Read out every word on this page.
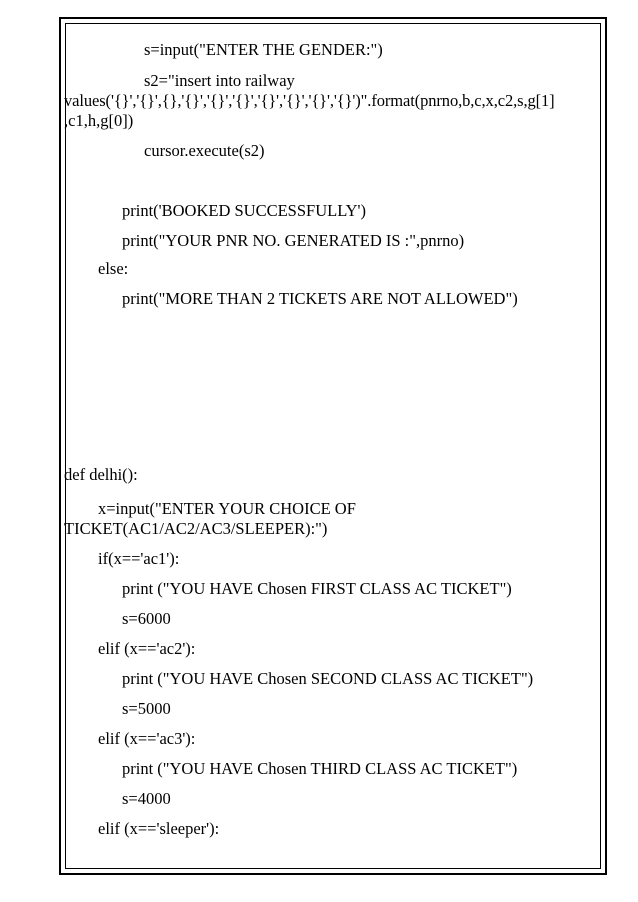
s=input("ENTER THE GENDER:")
s2="insert into railway
values('{}','{}',{},'{}','{}','{}','{}','{}','{}','{}')".format(pnrno,b,c,x,c2,s,g[1]
,c1,h,g[0])
cursor.execute(s2)
print('BOOKED SUCCESSFULLY')
print("YOUR PNR NO. GENERATED IS :",pnrno)
else:
print("MORE THAN 2 TICKETS ARE NOT ALLOWED")
def delhi():
x=input("ENTER YOUR CHOICE OF
TICKET(AC1/AC2/AC3/SLEEPER):")
if(x=='ac1'):
print ("YOU HAVE Chosen FIRST CLASS AC TICKET")
s=6000
elif (x=='ac2'):
print ("YOU HAVE Chosen SECOND CLASS AC TICKET")
s=5000
elif (x=='ac3'):
print ("YOU HAVE Chosen THIRD CLASS AC TICKET")
s=4000
elif (x=='sleeper'):
